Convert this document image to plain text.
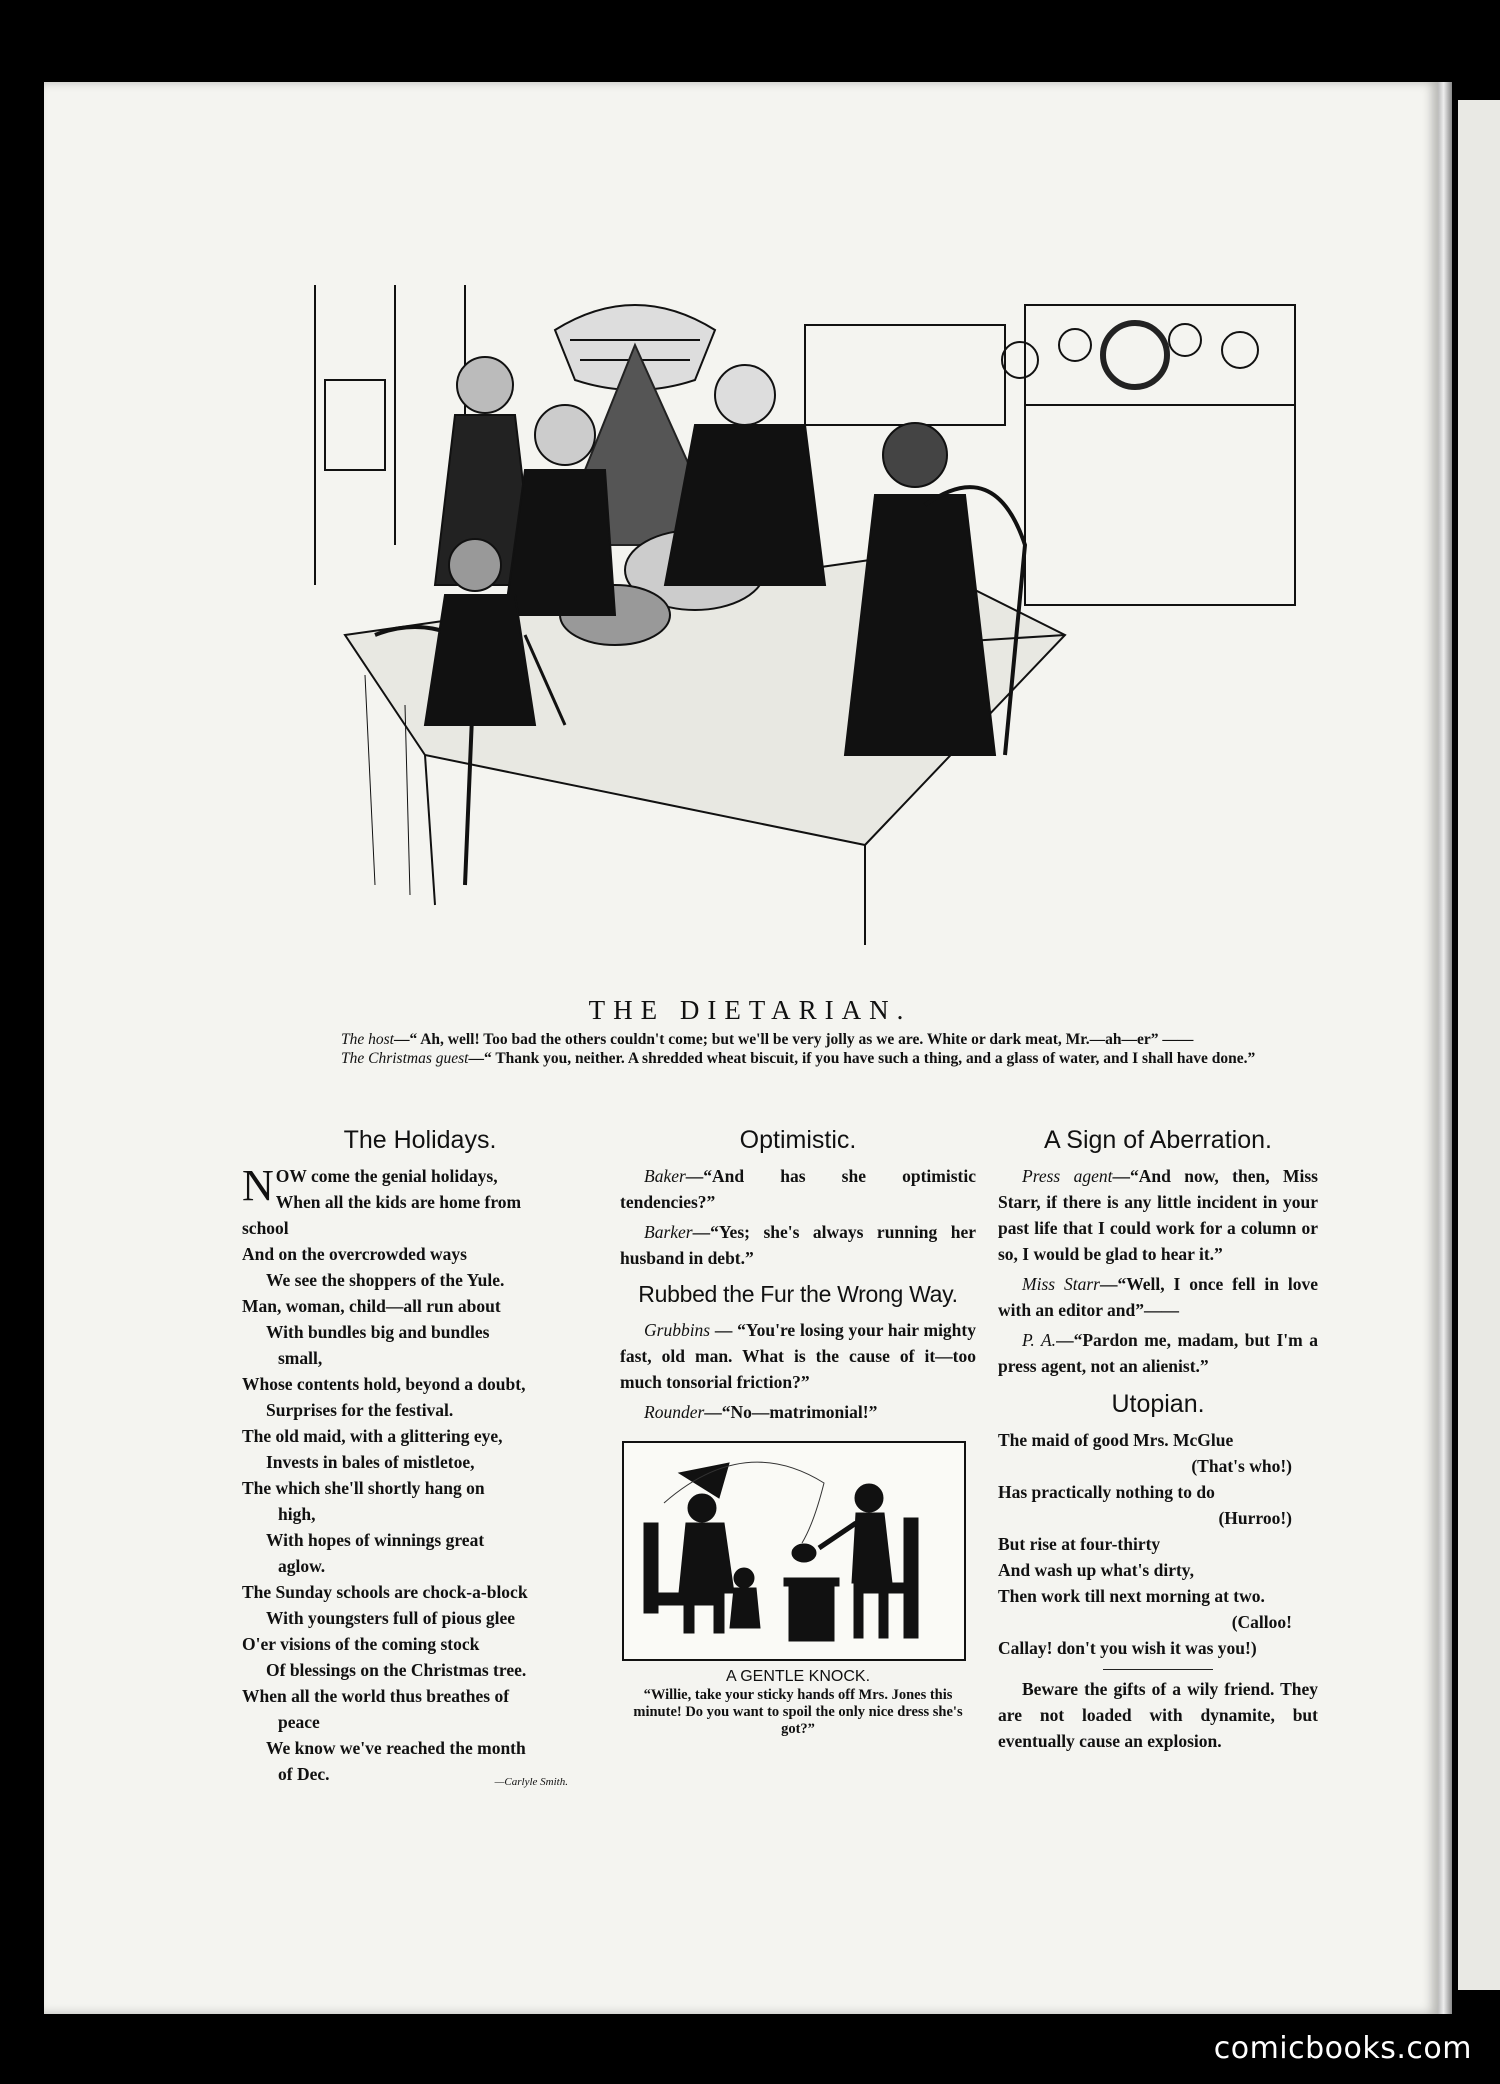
THE DIETARIAN.

The host—“ Ah, well! Too bad the others couldn't come; but we'll be very jolly as we are. White or dark meat, Mr.—ah—er” ——

The Christmas guest—“ Thank you, neither. A shredded wheat biscuit, if you have such a thing, and a glass of water, and I shall have done.”

The Holidays.
NOW come the genial holidays,
When all the kids are home from
school
And on the overcrowded ways
We see the shoppers of the Yule.
Man, woman, child—all run about
With bundles big and bundles
small,
Whose contents hold, beyond a doubt,
Surprises for the festival.
The old maid, with a glittering eye,
Invests in bales of mistletoe,
The which she'll shortly hang on
high,
With hopes of winnings great
aglow.
The Sunday schools are chock-a-block
With youngsters full of pious glee
O'er visions of the coming stock
Of blessings on the Christmas tree.
When all the world thus breathes of
peace
We know we've reached the month
of Dec.	—Carlyle Smith.
Optimistic.

Baker—“And has she optimistic tendencies?”

Barker—“Yes; she's always running her husband in debt.”

Rubbed the Fur the Wrong Way.

Grubbins — “You're losing your hair mighty fast, old man. What is the cause of it—too much tonsorial friction?”

Rounder—“No—matrimonial!”

A GENTLE KNOCK.
“Willie, take your sticky hands off Mrs. Jones this minute! Do you want to spoil the only nice dress she's got?”
A Sign of Aberration.

Press agent—“And now, then, Miss Starr, if there is any little incident in your past life that I could work for a column or so, I would be glad to hear it.”

Miss Starr—“Well, I once fell in love with an editor and”——

P. A.—“Pardon me, madam, but I'm a press agent, not an alienist.”

Utopian.
The maid of good Mrs. McGlue
(That's who!)
Has practically nothing to do
(Hurroo!)
But rise at four-thirty
And wash up what's dirty,
Then work till next morning at two.
(Calloo!
Callay! don't you wish it was you!)

Beware the gifts of a wily friend. They are not loaded with dynamite, but eventually cause an explosion.

comicbooks.com
